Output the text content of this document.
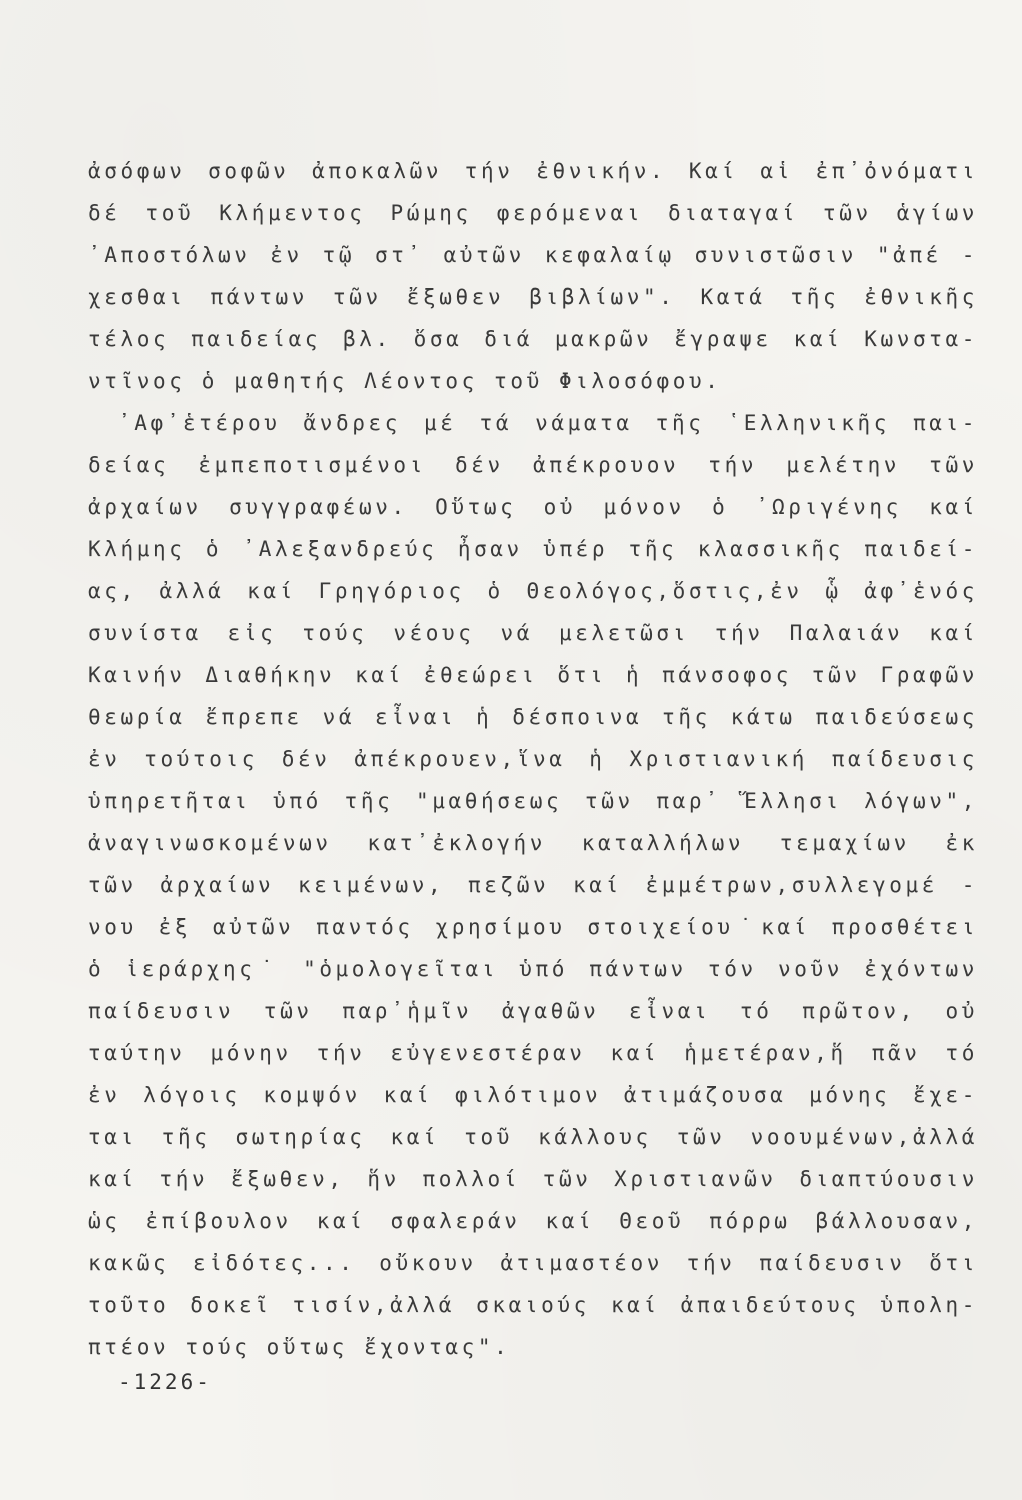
ἀσόφων σοφῶν ἀποκαλῶν τήν ἐθνικήν. Καί αἱ ἐπ᾽ὀνόματι
δέ τοῦ Κλήμεντος Ρώμης φερόμεναι διαταγαί τῶν ἁγίων
᾽Αποστόλων ἐν τῷ στ᾽ αὐτῶν κεφαλαίῳ συνιστῶσιν "ἀπέ -
χεσθαι πάντων τῶν ἔξωθεν βιβλίων". Κατά τῆς ἐθνικῆς
τέλος παιδείας βλ. ὅσα διά μακρῶν ἔγραψε καί Κωνστα-
ντῖνος ὁ μαθητής Λέοντος τοῦ Φιλοσόφου.
᾽Αφ᾽ἑτέρου ἄνδρες μέ τά νάματα τῆς ῾Ελληνικῆς παι-
δείας ἐμπεποτισμένοι δέν ἀπέκρουον τήν μελέτην τῶν
ἀρχαίων συγγραφέων. Οὕτως οὐ μόνον ὁ ᾽Ωριγένης καί
Κλήμης ὁ ᾽Αλεξανδρεύς ἦσαν ὑπέρ τῆς κλασσικῆς παιδεί-
ας, ἀλλά καί Γρηγόριος ὁ Θεολόγος,ὅστις,ἐν ᾧ ἀφ᾽ἑνός
συνίστα εἰς τούς νέους νά μελετῶσι τήν Παλαιάν καί
Καινήν Διαθήκην καί ἐθεώρει ὅτι ἡ πάνσοφος τῶν Γραφῶν
θεωρία ἔπρεπε νά εἶναι ἡ δέσποινα τῆς κάτω παιδεύσεως
ἐν τούτοις δέν ἀπέκρουεν,ἵνα ἡ Χριστιανική παίδευσις
ὑπηρετῆται ὑπό τῆς "μαθήσεως τῶν παρ᾽ Ἕλλησι λόγων",
ἀναγινωσκομένων κατ᾽ἐκλογήν καταλλήλων τεμαχίων ἐκ
τῶν ἀρχαίων κειμένων, πεζῶν καί ἐμμέτρων,συλλεγομέ -
νου ἐξ αὐτῶν παντός χρησίμου στοιχείου˙καί προσθέτει
ὁ ἱεράρχης˙ "ὁμολογεῖται ὑπό πάντων τόν νοῦν ἐχόντων
παίδευσιν τῶν παρ᾽ἡμῖν ἀγαθῶν εἶναι τό πρῶτον, οὐ
ταύτην μόνην τήν εὐγενεστέραν καί ἡμετέραν,ἥ πᾶν τό
ἐν λόγοις κομψόν καί φιλότιμον ἀτιμάζουσα μόνης ἔχε-
ται τῆς σωτηρίας καί τοῦ κάλλους τῶν νοουμένων,ἀλλά
καί τήν ἔξωθεν, ἥν πολλοί τῶν Χριστιανῶν διαπτύουσιν
ὡς ἐπίβουλον καί σφαλεράν καί Θεοῦ πόρρω βάλλουσαν,
κακῶς εἰδότες... οὔκουν ἀτιμαστέον τήν παίδευσιν ὅτι
τοῦτο δοκεῖ τισίν,ἀλλά σκαιούς καί ἀπαιδεύτους ὑπολη-
πτέον τούς οὕτως ἔχοντας".
-1226-
